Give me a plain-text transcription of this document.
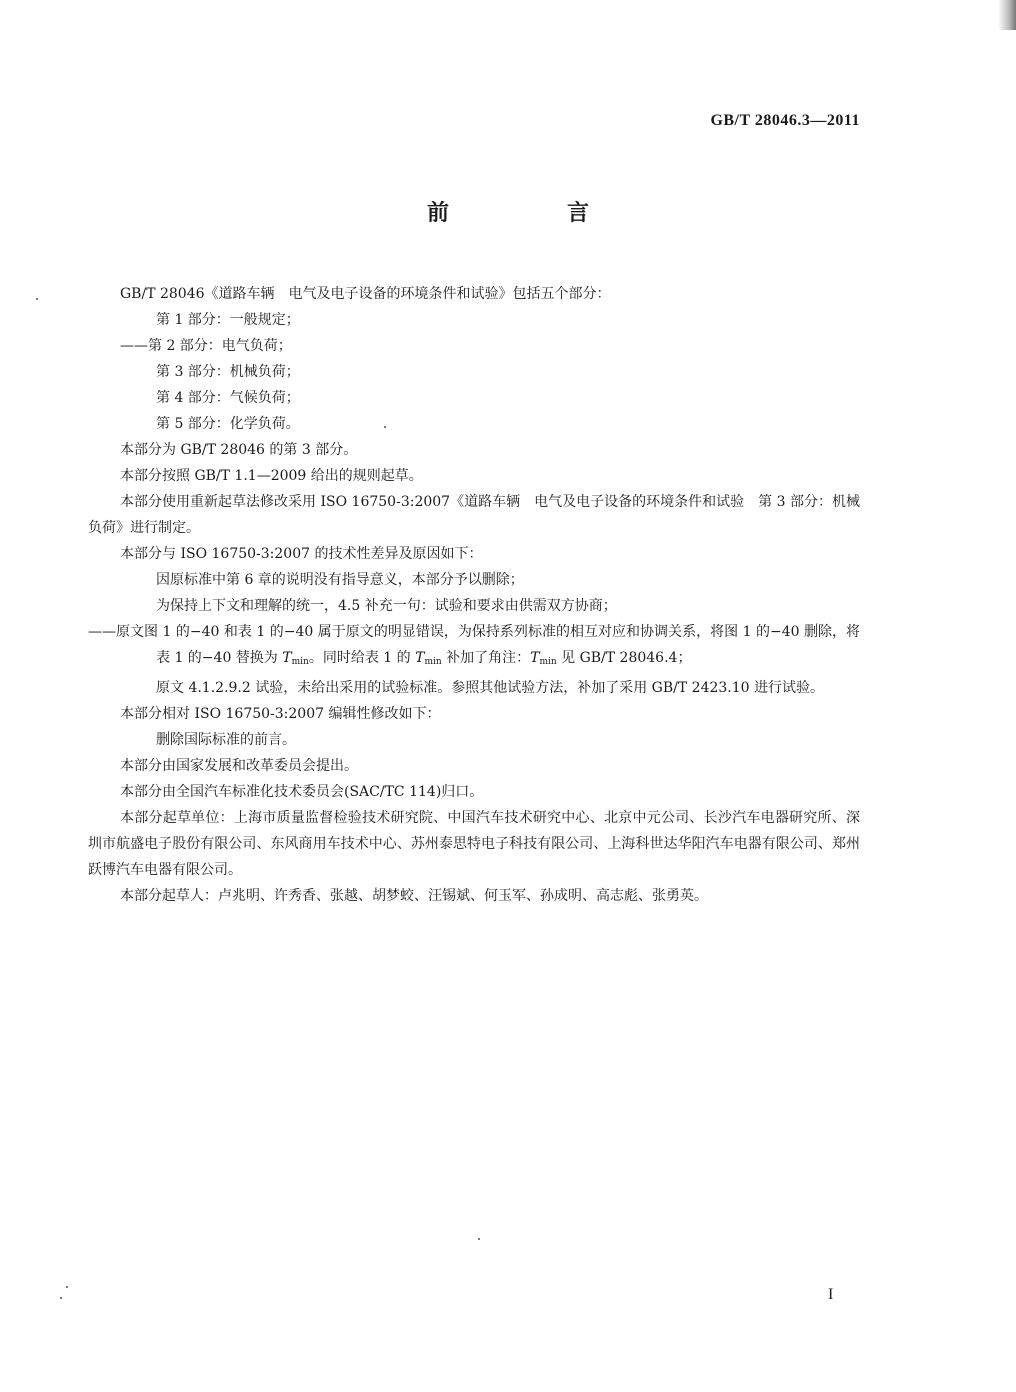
GB/T 28046.3—2011
前　言

GB/T 28046《道路车辆　电气及电子设备的环境条件和试验》包括五个部分：

第 1 部分：一般规定；

——第 2 部分：电气负荷；

第 3 部分：机械负荷；

第 4 部分：气候负荷；

第 5 部分：化学负荷。

本部分为 GB/T 28046 的第 3 部分。

本部分按照 GB/T 1.1—2009 给出的规则起草。

本部分使用重新起草法修改采用 ISO 16750-3:2007《道路车辆　电气及电子设备的环境条件和试验　第 3 部分：机械负荷》进行制定。

本部分与 ISO 16750-3:2007 的技术性差异及原因如下：

因原标准中第 6 章的说明没有指导意义，本部分予以删除；

为保持上下文和理解的统一，4.5 补充一句：试验和要求由供需双方协商；

——原文图 1 的−40 和表 1 的−40 属于原文的明显错误，为保持系列标准的相互对应和协调关系，将图 1 的−40 删除，将表 1 的−40 替换为 $T_{min}$。同时给表 1 的 $T_{min}$ 补加了角注：$T_{min}$ 见 GB/T 28046.4；

原文 4.1.2.9.2 试验，未给出采用的试验标准。参照其他试验方法，补加了采用 GB/T 2423.10 进行试验。

本部分相对 ISO 16750-3:2007 编辑性修改如下：

删除国际标准的前言。

本部分由国家发展和改革委员会提出。

本部分由全国汽车标准化技术委员会(SAC/TC 114)归口。

本部分起草单位：上海市质量监督检验技术研究院、中国汽车技术研究中心、北京中元公司、长沙汽车电器研究所、深圳市航盛电子股份有限公司、东风商用车技术中心、苏州泰思特电子科技有限公司、上海科世达华阳汽车电器有限公司、郑州跃博汽车电器有限公司。

本部分起草人：卢兆明、许秀香、张越、胡梦蛟、汪锡斌、何玉军、孙成明、高志彪、张勇英。

I
